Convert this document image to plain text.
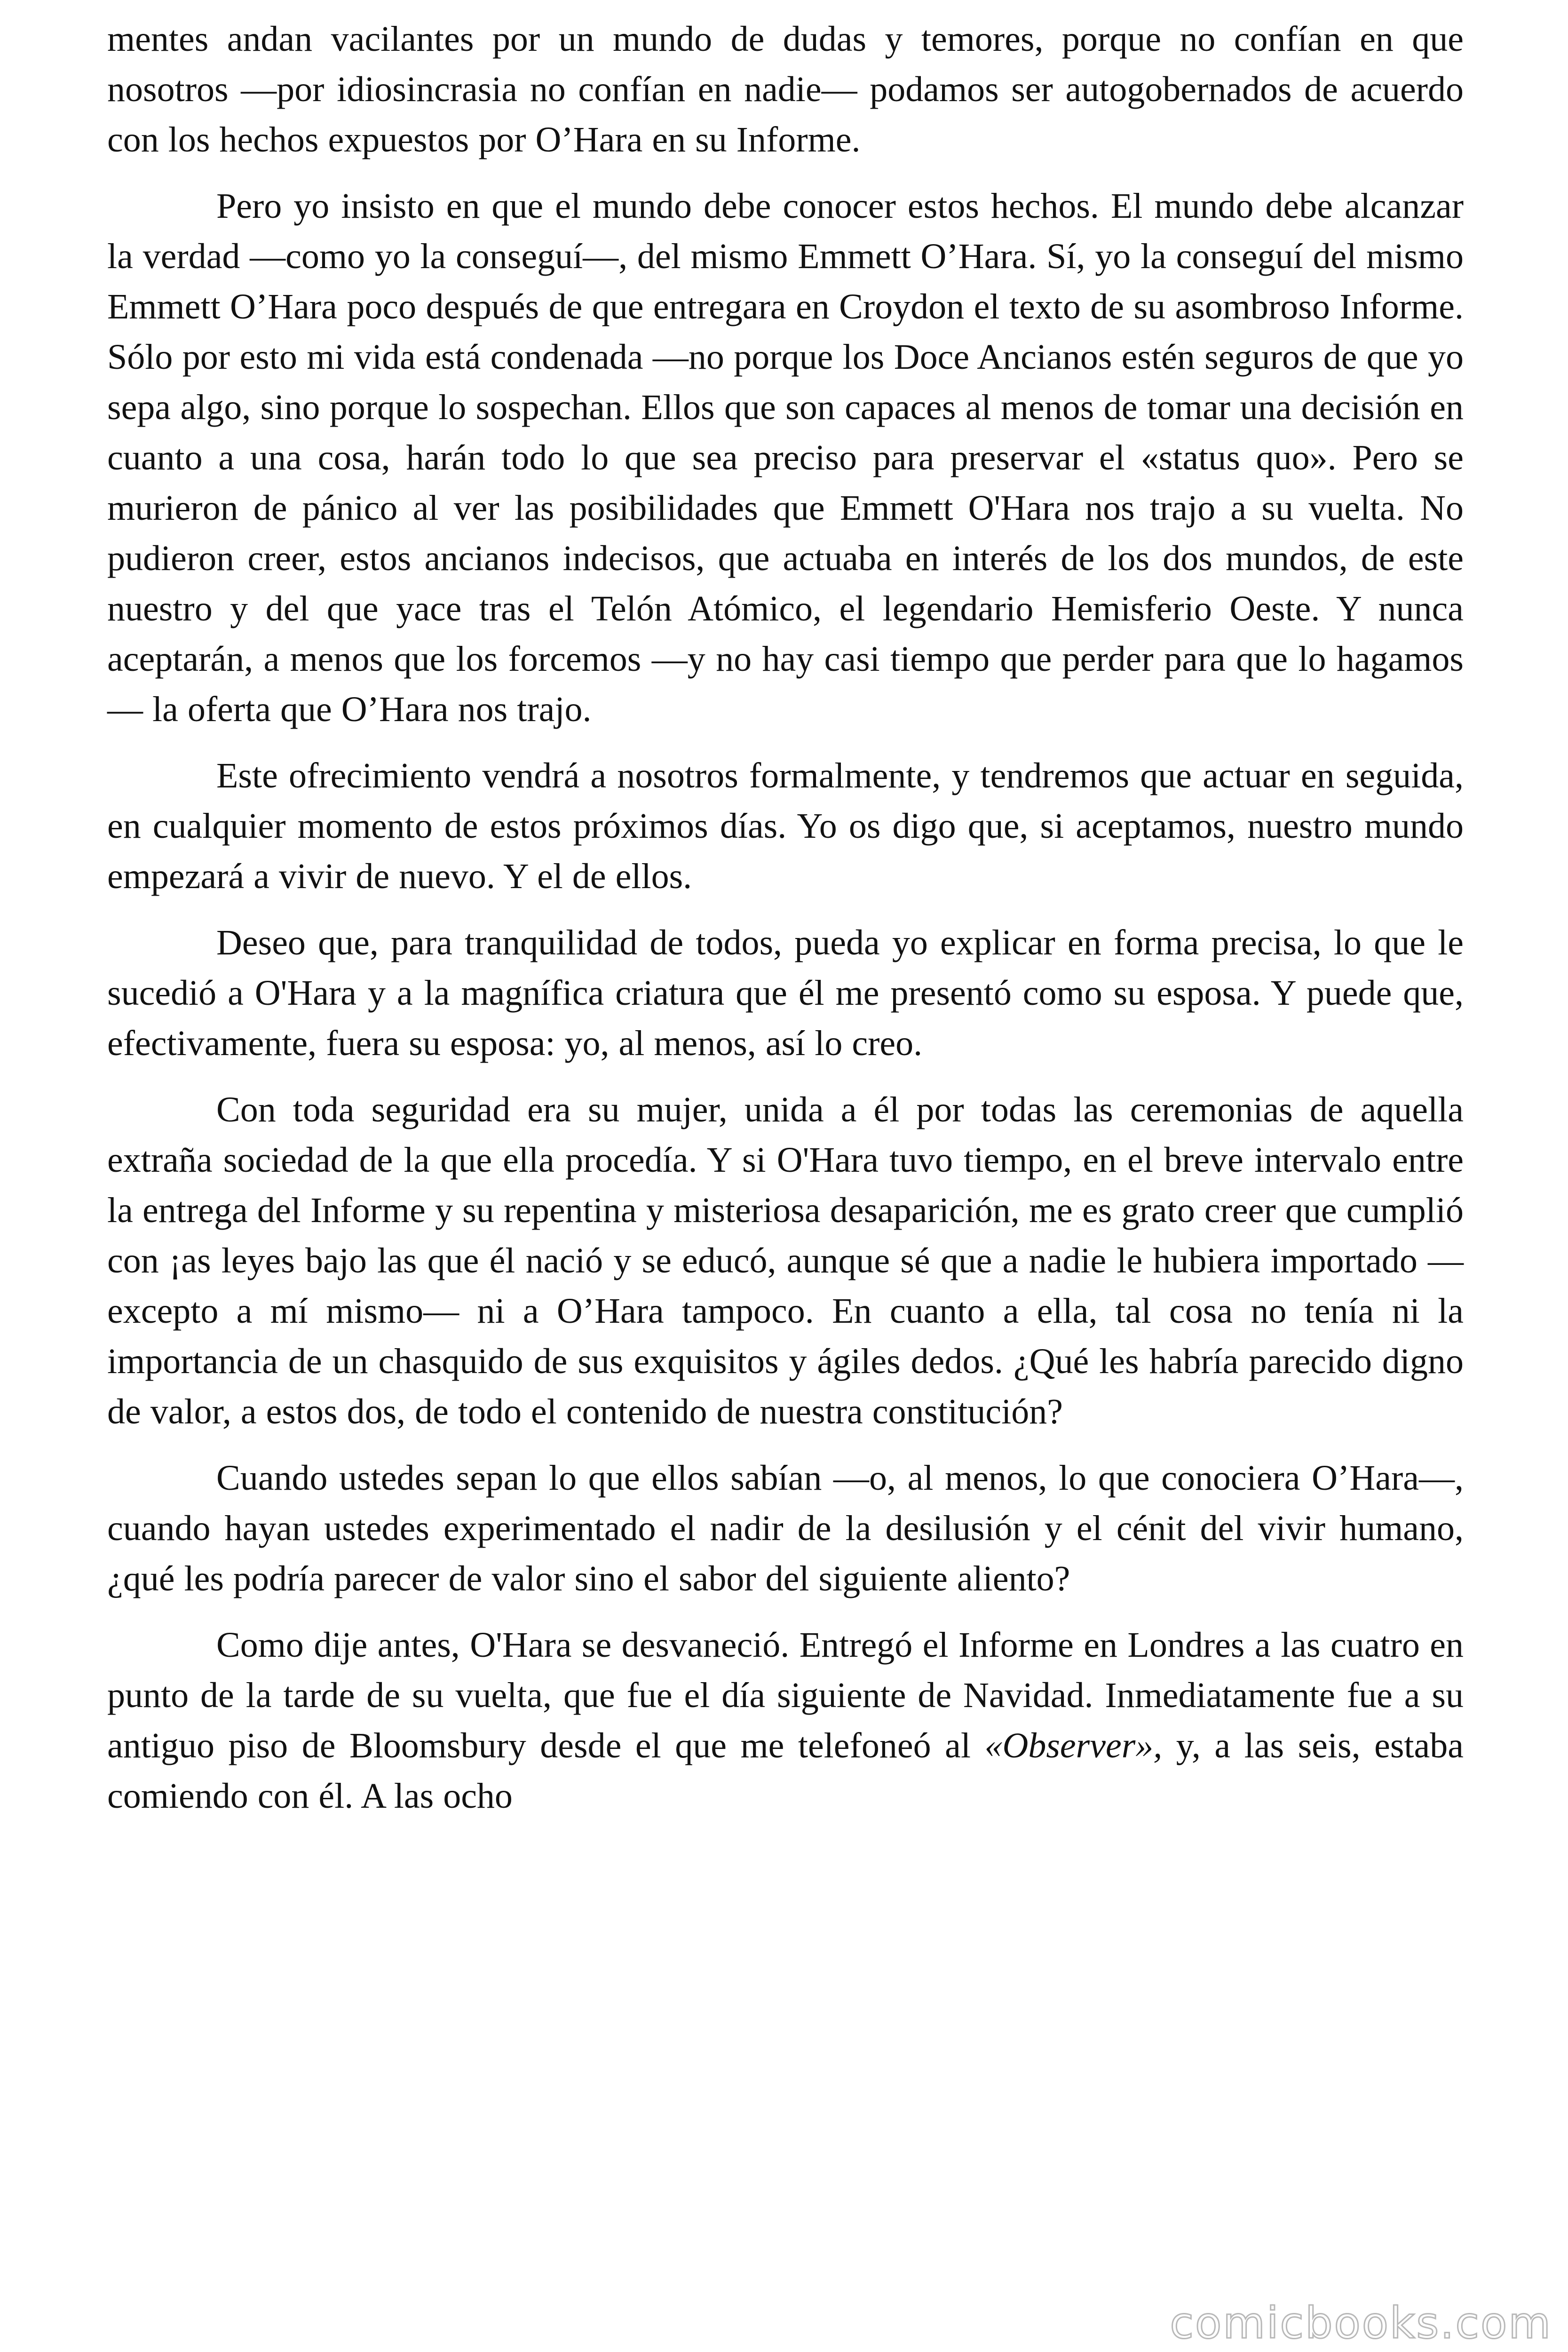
mentes andan vacilantes por un mundo de dudas y temores, porque no confían en que nosotros —por idiosincrasia no confían en nadie— podamos ser autogobernados de acuerdo con los hechos expuestos por O’Hara en su Informe.

Pero yo insisto en que el mundo debe conocer estos hechos. El mundo debe alcanzar la verdad —como yo la conseguí—, del mismo Emmett O’Hara. Sí, yo la conseguí del mismo Emmett O’Hara poco después de que entregara en Croydon el texto de su asombroso Informe. Sólo por esto mi vida está condenada —no porque los Doce Ancianos estén seguros de que yo sepa algo, sino porque lo sospechan. Ellos que son capaces al menos de tomar una decisión en cuanto a una cosa, harán todo lo que sea preciso para preservar el «status quo». Pero se murieron de pánico al ver las posibilidades que Emmett O'Hara nos trajo a su vuelta. No pudieron creer, estos ancianos indecisos, que actuaba en interés de los dos mundos, de este nuestro y del que yace tras el Telón Atómico, el legendario Hemisferio Oeste. Y nunca aceptarán, a menos que los forcemos —y no hay casi tiempo que perder para que lo hagamos— la oferta que O’Hara nos trajo.

Este ofrecimiento vendrá a nosotros formalmente, y tendremos que actuar en seguida, en cualquier momento de estos próximos días. Yo os digo que, si aceptamos, nuestro mundo empezará a vivir de nuevo. Y el de ellos.

Deseo que, para tranquilidad de todos, pueda yo explicar en forma precisa, lo que le sucedió a O'Hara y a la magnífica criatura que él me presentó como su esposa. Y puede que, efectivamente, fuera su esposa: yo, al menos, así lo creo.

Con toda seguridad era su mujer, unida a él por todas las ceremonias de aquella extraña sociedad de la que ella procedía. Y si O'Hara tuvo tiempo, en el breve intervalo entre la entrega del Informe y su repentina y misteriosa desaparición, me es grato creer que cumplió con ¡as leyes bajo las que él nació y se educó, aunque sé que a nadie le hubiera importado —excepto a mí mismo— ni a O’Hara tampoco. En cuanto a ella, tal cosa no tenía ni la importancia de un chasquido de sus exquisitos y ágiles dedos. ¿Qué les habría parecido digno de valor, a estos dos, de todo el contenido de nuestra constitución?

Cuando ustedes sepan lo que ellos sabían —o, al menos, lo que conociera O’Hara—, cuando hayan ustedes experimentado el nadir de la desilusión y el cénit del vivir humano, ¿qué les podría parecer de valor sino el sabor del siguiente aliento?

Como dije antes, O'Hara se desvaneció. Entregó el Informe en Londres a las cuatro en punto de la tarde de su vuelta, que fue el día siguiente de Navidad. Inmediatamente fue a su antiguo piso de Bloomsbury desde el que me telefoneó al «Observer», y, a las seis, estaba comiendo con él. A las ocho

comicbooks.com
